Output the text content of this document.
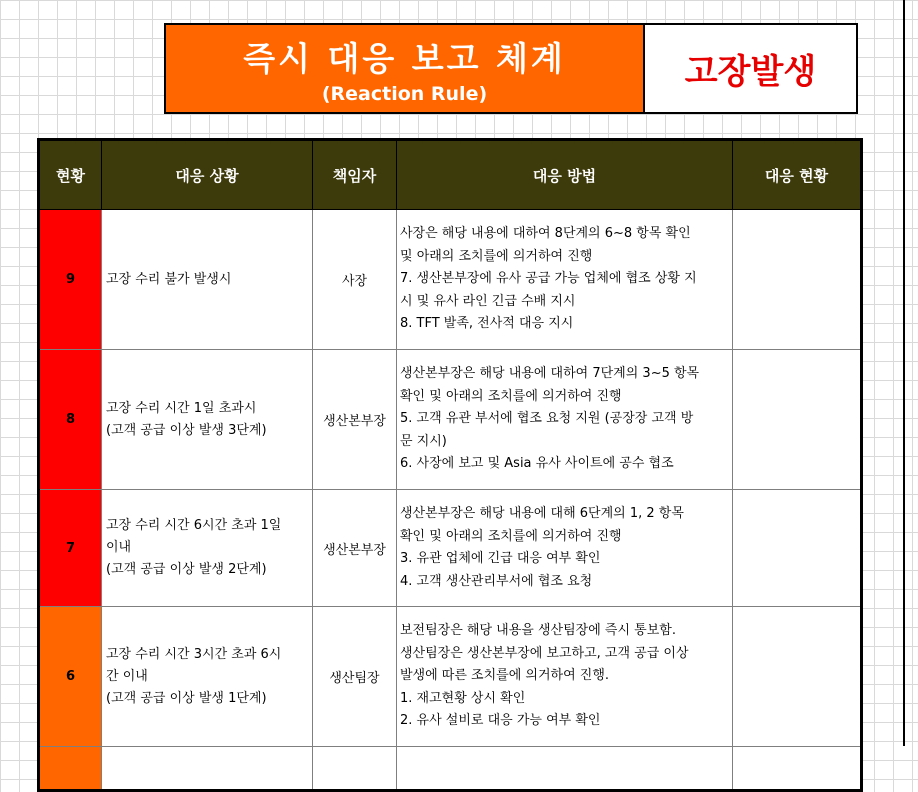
즉시 대응 보고 체계
(Reaction Rule)
고장발생
현황	대응 상황	책임자	대응 방법	대응 현황
9	고장 수리 불가 발생시	사장	사장은 해당 내용에 대하여 8단계의 6~8 항목 확인
및 아래의 조치를에 의거하여 진행
7. 생산본부장에 유사 공급 가능 업체에 협조 상황 지
시 및 유사 라인 긴급 수배 지시
8. TFT 발족, 전사적 대응 지시	

8	고장 수리 시간 1일 초과시
(고객 공급 이상 발생 3단계)	생산본부장	생산본부장은 해당 내용에 대하여 7단계의 3~5 항목
확인 및 아래의 조치를에 의거하여 진행
5. 고객 유관 부서에 협조 요청 지원 (공장장 고객 방
문 지시)
6. 사장에 보고 및 Asia 유사 사이트에 공수 협조	

7	고장 수리 시간 6시간 초과 1일
이내
(고객 공급 이상 발생 2단계)	생산본부장	생산본부장은 해당 내용에 대해 6단계의 1, 2 항목
확인 및 아래의 조치를에 의거하여 진행
3. 유관 업체에 긴급 대응 여부 확인
4. 고객 생산관리부서에 협조 요청	

6	고장 수리 시간 3시간 초과 6시
간 이내
(고객 공급 이상 발생 1단계)	생산팀장	보전팀장은 해당 내용을 생산팀장에 즉시 통보함.
생산팀장은 생산본부장에 보고하고, 고객 공급 이상
발생에 따른 조치를에 의거하여 진행.
1. 재고현황 상시 확인
2. 유사 설비로 대응 가능 여부 확인	
